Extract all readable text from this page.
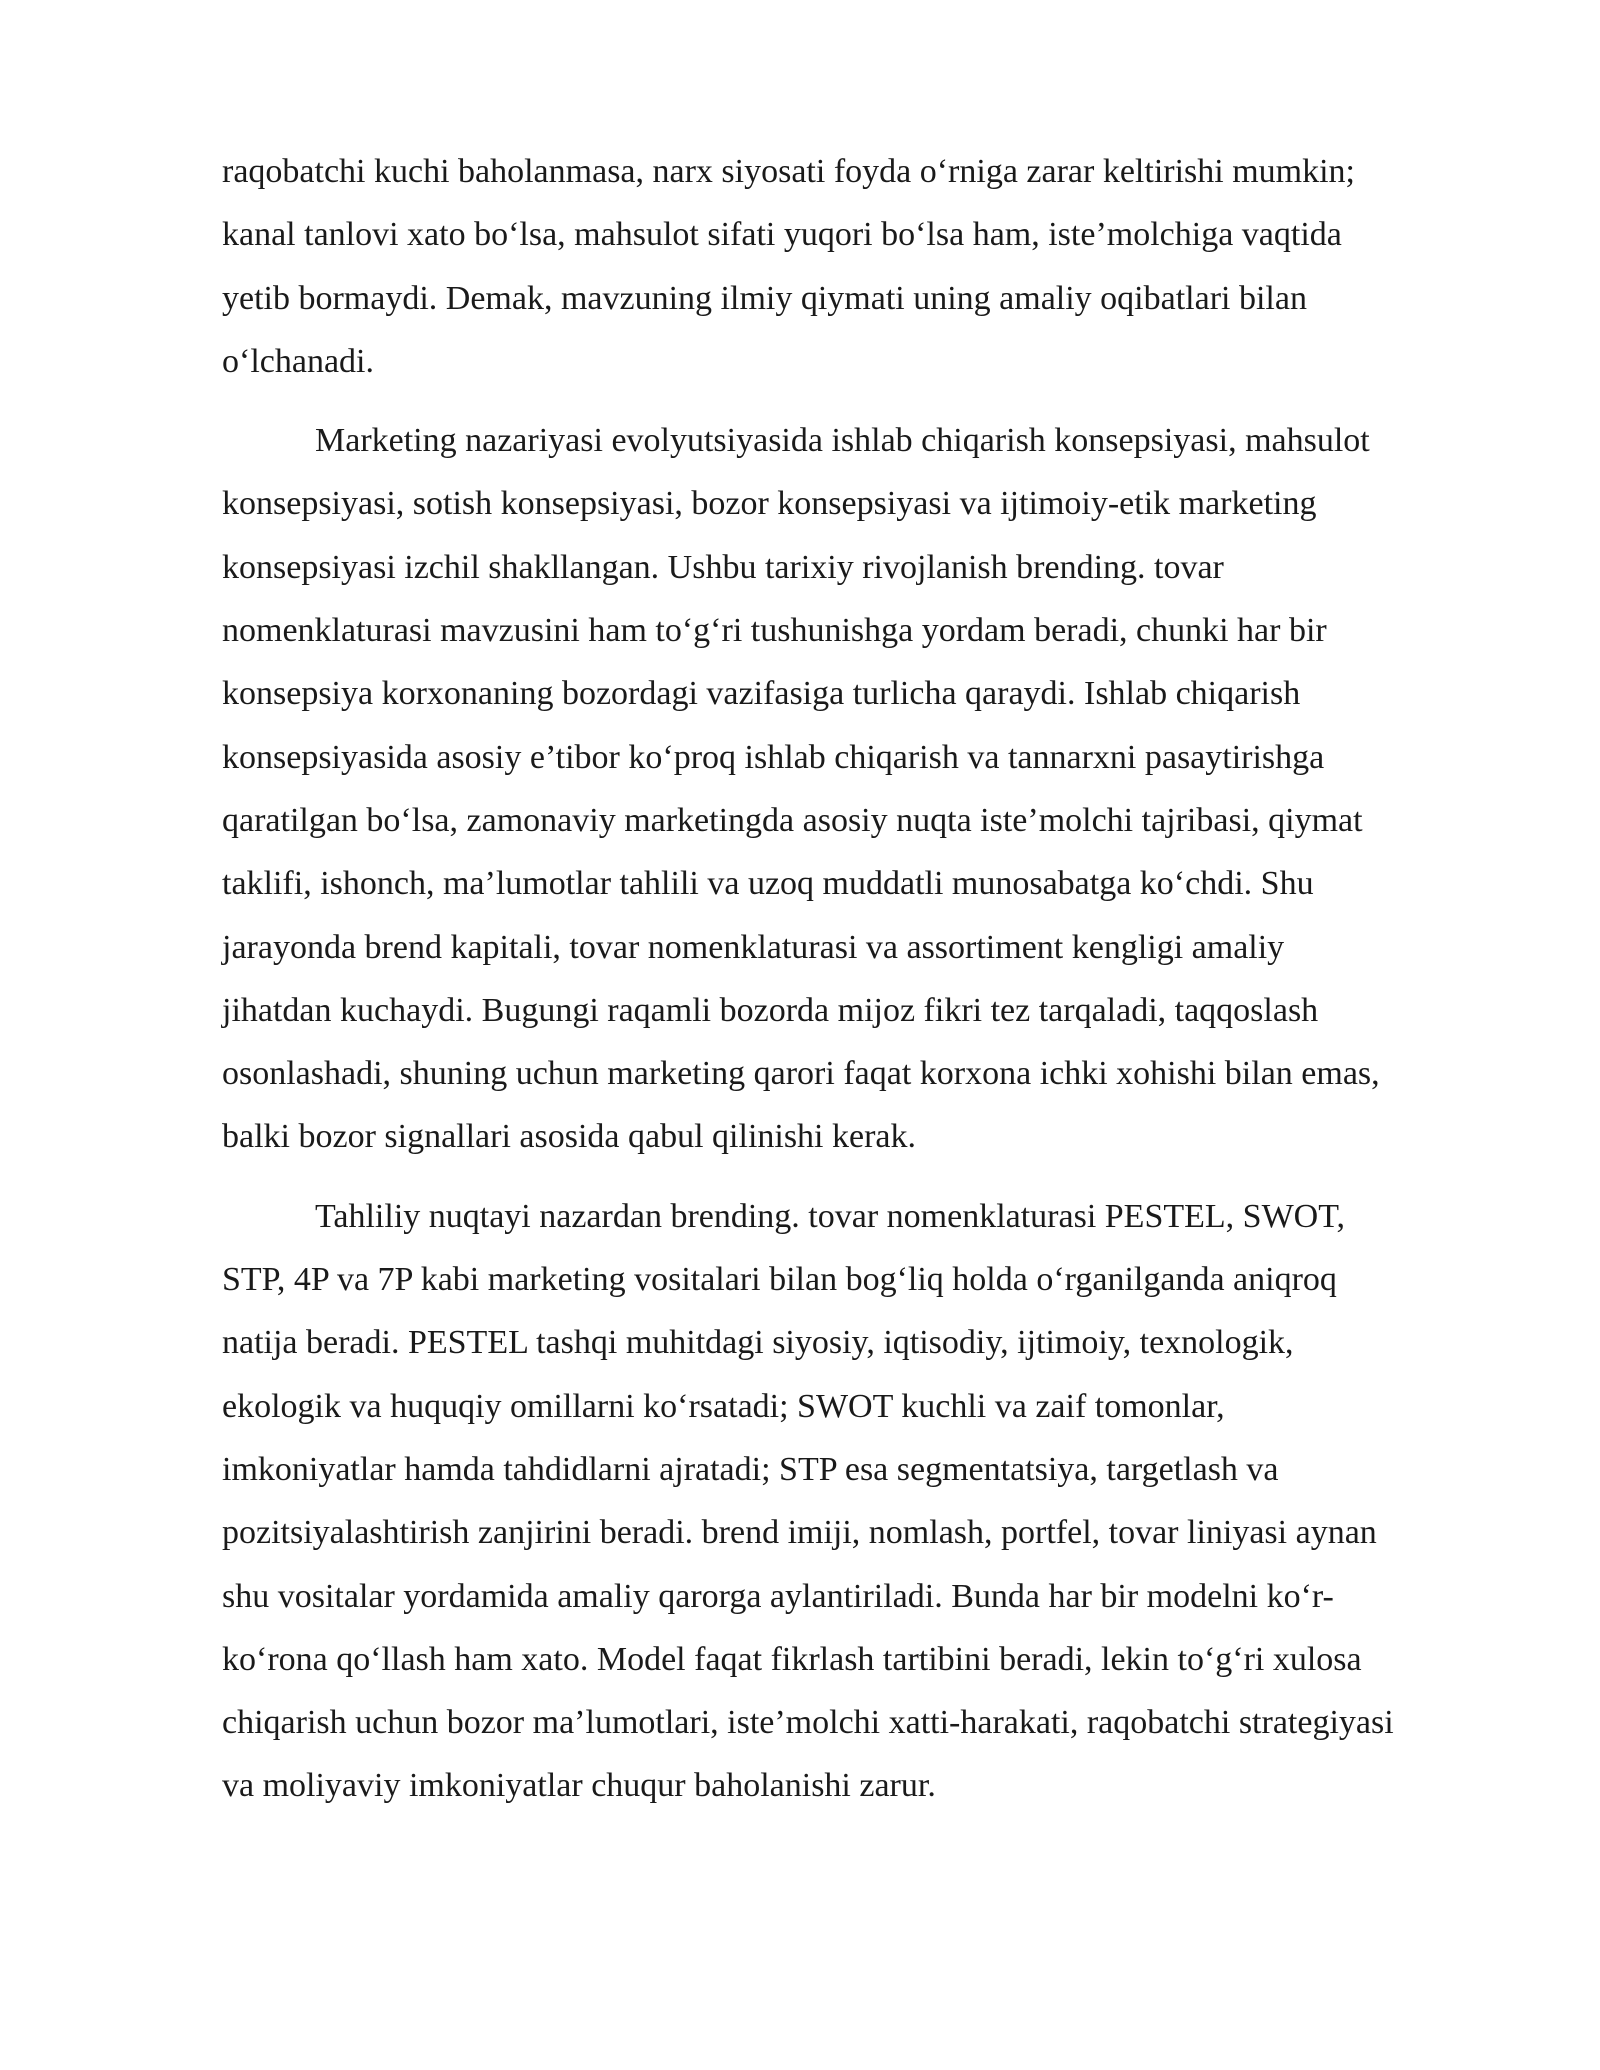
raqobatchi kuchi baholanmasa, narx siyosati foyda o‘rniga zarar keltirishi mumkin;
kanal tanlovi xato bo‘lsa, mahsulot sifati yuqori bo‘lsa ham, iste’molchiga vaqtida
yetib bormaydi. Demak, mavzuning ilmiy qiymati uning amaliy oqibatlari bilan
o‘lchanadi.
Marketing nazariyasi evolyutsiyasida ishlab chiqarish konsepsiyasi, mahsulot
konsepsiyasi, sotish konsepsiyasi, bozor konsepsiyasi va ijtimoiy-etik marketing
konsepsiyasi izchil shakllangan. Ushbu tarixiy rivojlanish brending. tovar
nomenklaturasi mavzusini ham to‘g‘ri tushunishga yordam beradi, chunki har bir
konsepsiya korxonaning bozordagi vazifasiga turlicha qaraydi. Ishlab chiqarish
konsepsiyasida asosiy e’tibor ko‘proq ishlab chiqarish va tannarxni pasaytirishga
qaratilgan bo‘lsa, zamonaviy marketingda asosiy nuqta iste’molchi tajribasi, qiymat
taklifi, ishonch, ma’lumotlar tahlili va uzoq muddatli munosabatga ko‘chdi. Shu
jarayonda brend kapitali, tovar nomenklaturasi va assortiment kengligi amaliy
jihatdan kuchaydi. Bugungi raqamli bozorda mijoz fikri tez tarqaladi, taqqoslash
osonlashadi, shuning uchun marketing qarori faqat korxona ichki xohishi bilan emas,
balki bozor signallari asosida qabul qilinishi kerak.
Tahliliy nuqtayi nazardan brending. tovar nomenklaturasi PESTEL, SWOT,
STP, 4P va 7P kabi marketing vositalari bilan bog‘liq holda o‘rganilganda aniqroq
natija beradi. PESTEL tashqi muhitdagi siyosiy, iqtisodiy, ijtimoiy, texnologik,
ekologik va huquqiy omillarni ko‘rsatadi; SWOT kuchli va zaif tomonlar,
imkoniyatlar hamda tahdidlarni ajratadi; STP esa segmentatsiya, targetlash va
pozitsiyalashtirish zanjirini beradi. brend imiji, nomlash, portfel, tovar liniyasi aynan
shu vositalar yordamida amaliy qarorga aylantiriladi. Bunda har bir modelni ko‘r-
ko‘rona qo‘llash ham xato. Model faqat fikrlash tartibini beradi, lekin to‘g‘ri xulosa
chiqarish uchun bozor ma’lumotlari, iste’molchi xatti-harakati, raqobatchi strategiyasi
va moliyaviy imkoniyatlar chuqur baholanishi zarur.
